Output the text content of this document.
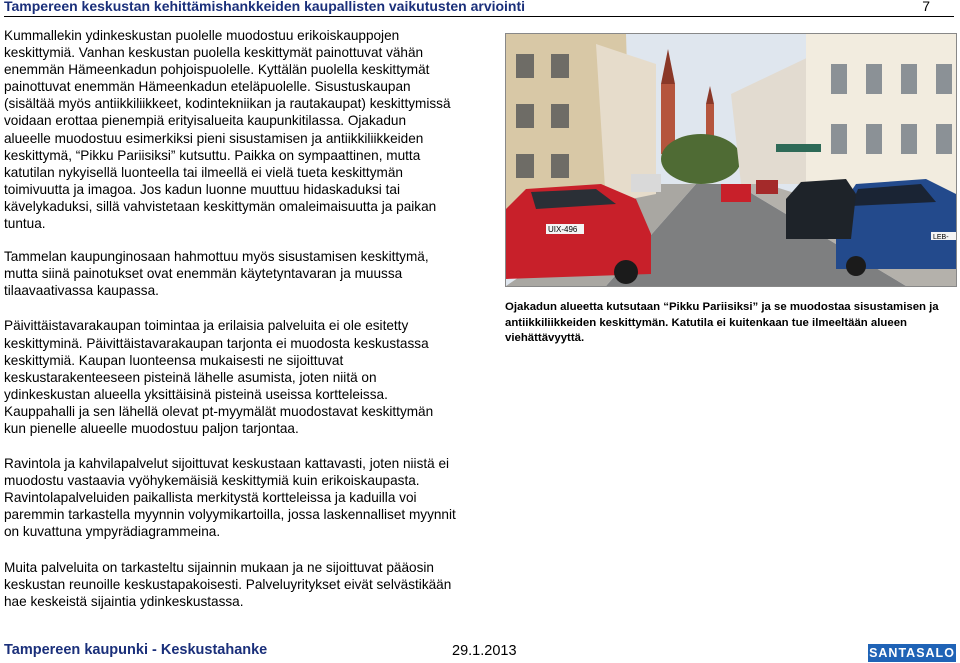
Tampereen keskustan kehittämishankkeiden kaupallisten vaikutusten arviointi	7

Kummallekin ydinkeskustan puolelle muodostuu erikoiskauppojen keskittymiä. Vanhan keskustan puolella keskittymät painottuvat vähän enemmän Hämeenkadun pohjoispuolelle. Kyttälän puolella keskittymät painottuvat enemmän Hämeenkadun eteläpuolelle. Sisustuskaupan (sisältää myös antiikkiliikkeet, kodintekniikan ja rautakaupat) keskittymissä voidaan erottaa pienempiä erityisalueita kaupunkitilassa. Ojakadun alueelle muodostuu esimerkiksi pieni sisustamisen ja antiikkiliikkeiden keskittymä, “Pikku Pariisiksi” kutsuttu. Paikka on sympaattinen, mutta katutilan nykyisellä luonteella tai ilmeellä ei vielä tueta keskittymän toimivuutta ja imagoa. Jos kadun luonne muuttuu hidaskaduksi tai kävelykaduksi, sillä vahvistetaan keskittymän omaleimaisuutta ja paikan tuntua.

Tammelan kaupunginosaan hahmottuu myös sisustamisen keskittymä, mutta siinä painotukset ovat enemmän käytetyntavaran ja muussa tilaavaativassa kaupassa.

Päivittäistavarakaupan toimintaa ja erilaisia palveluita ei ole esitetty keskittyminä. Päivittäistavarakaupan tarjonta ei muodosta keskustassa keskittymiä. Kaupan luonteensa mukaisesti ne sijoittuvat keskustarakenteeseen pisteinä lähelle asumista, joten niitä on ydinkeskustan alueella yksittäisinä pisteinä useissa kortteleissa. Kauppahalli ja sen lähellä olevat pt-myymälät muodostavat keskittymän kun pienelle alueelle muodostuu paljon tarjontaa.

Ravintola ja kahvilapalvelut sijoittuvat keskustaan kattavasti, joten niistä ei muodostu vastaavia vyöhykemäisiä keskittymiä kuin erikoiskaupasta. Ravintolapalveluiden paikallista merkitystä kortteleissa ja kaduilla voi paremmin tarkastella myynnin volyymikartoilla, jossa laskennalliset myynnit on kuvattuna ympyrädiagrammeina.

Muita palveluita on tarkasteltu sijainnin mukaan ja ne sijoittuvat pääosin keskustan reunoille keskustapakoisesti. Palveluyritykset eivät selvästikään hae keskeistä sijaintia ydinkeskustassa.

UIX-496
LEB-
Ojakadun alueetta kutsutaan “Pikku Pariisiksi” ja se muodostaa sisustamisen ja antiikkiliikkeiden keskittymän. Katutila ei kuitenkaan tue ilmeeltään alueen viehättävyyttä.
Tampereen kaupunki - Keskustahanke	29.1.2013	SANTASALO
